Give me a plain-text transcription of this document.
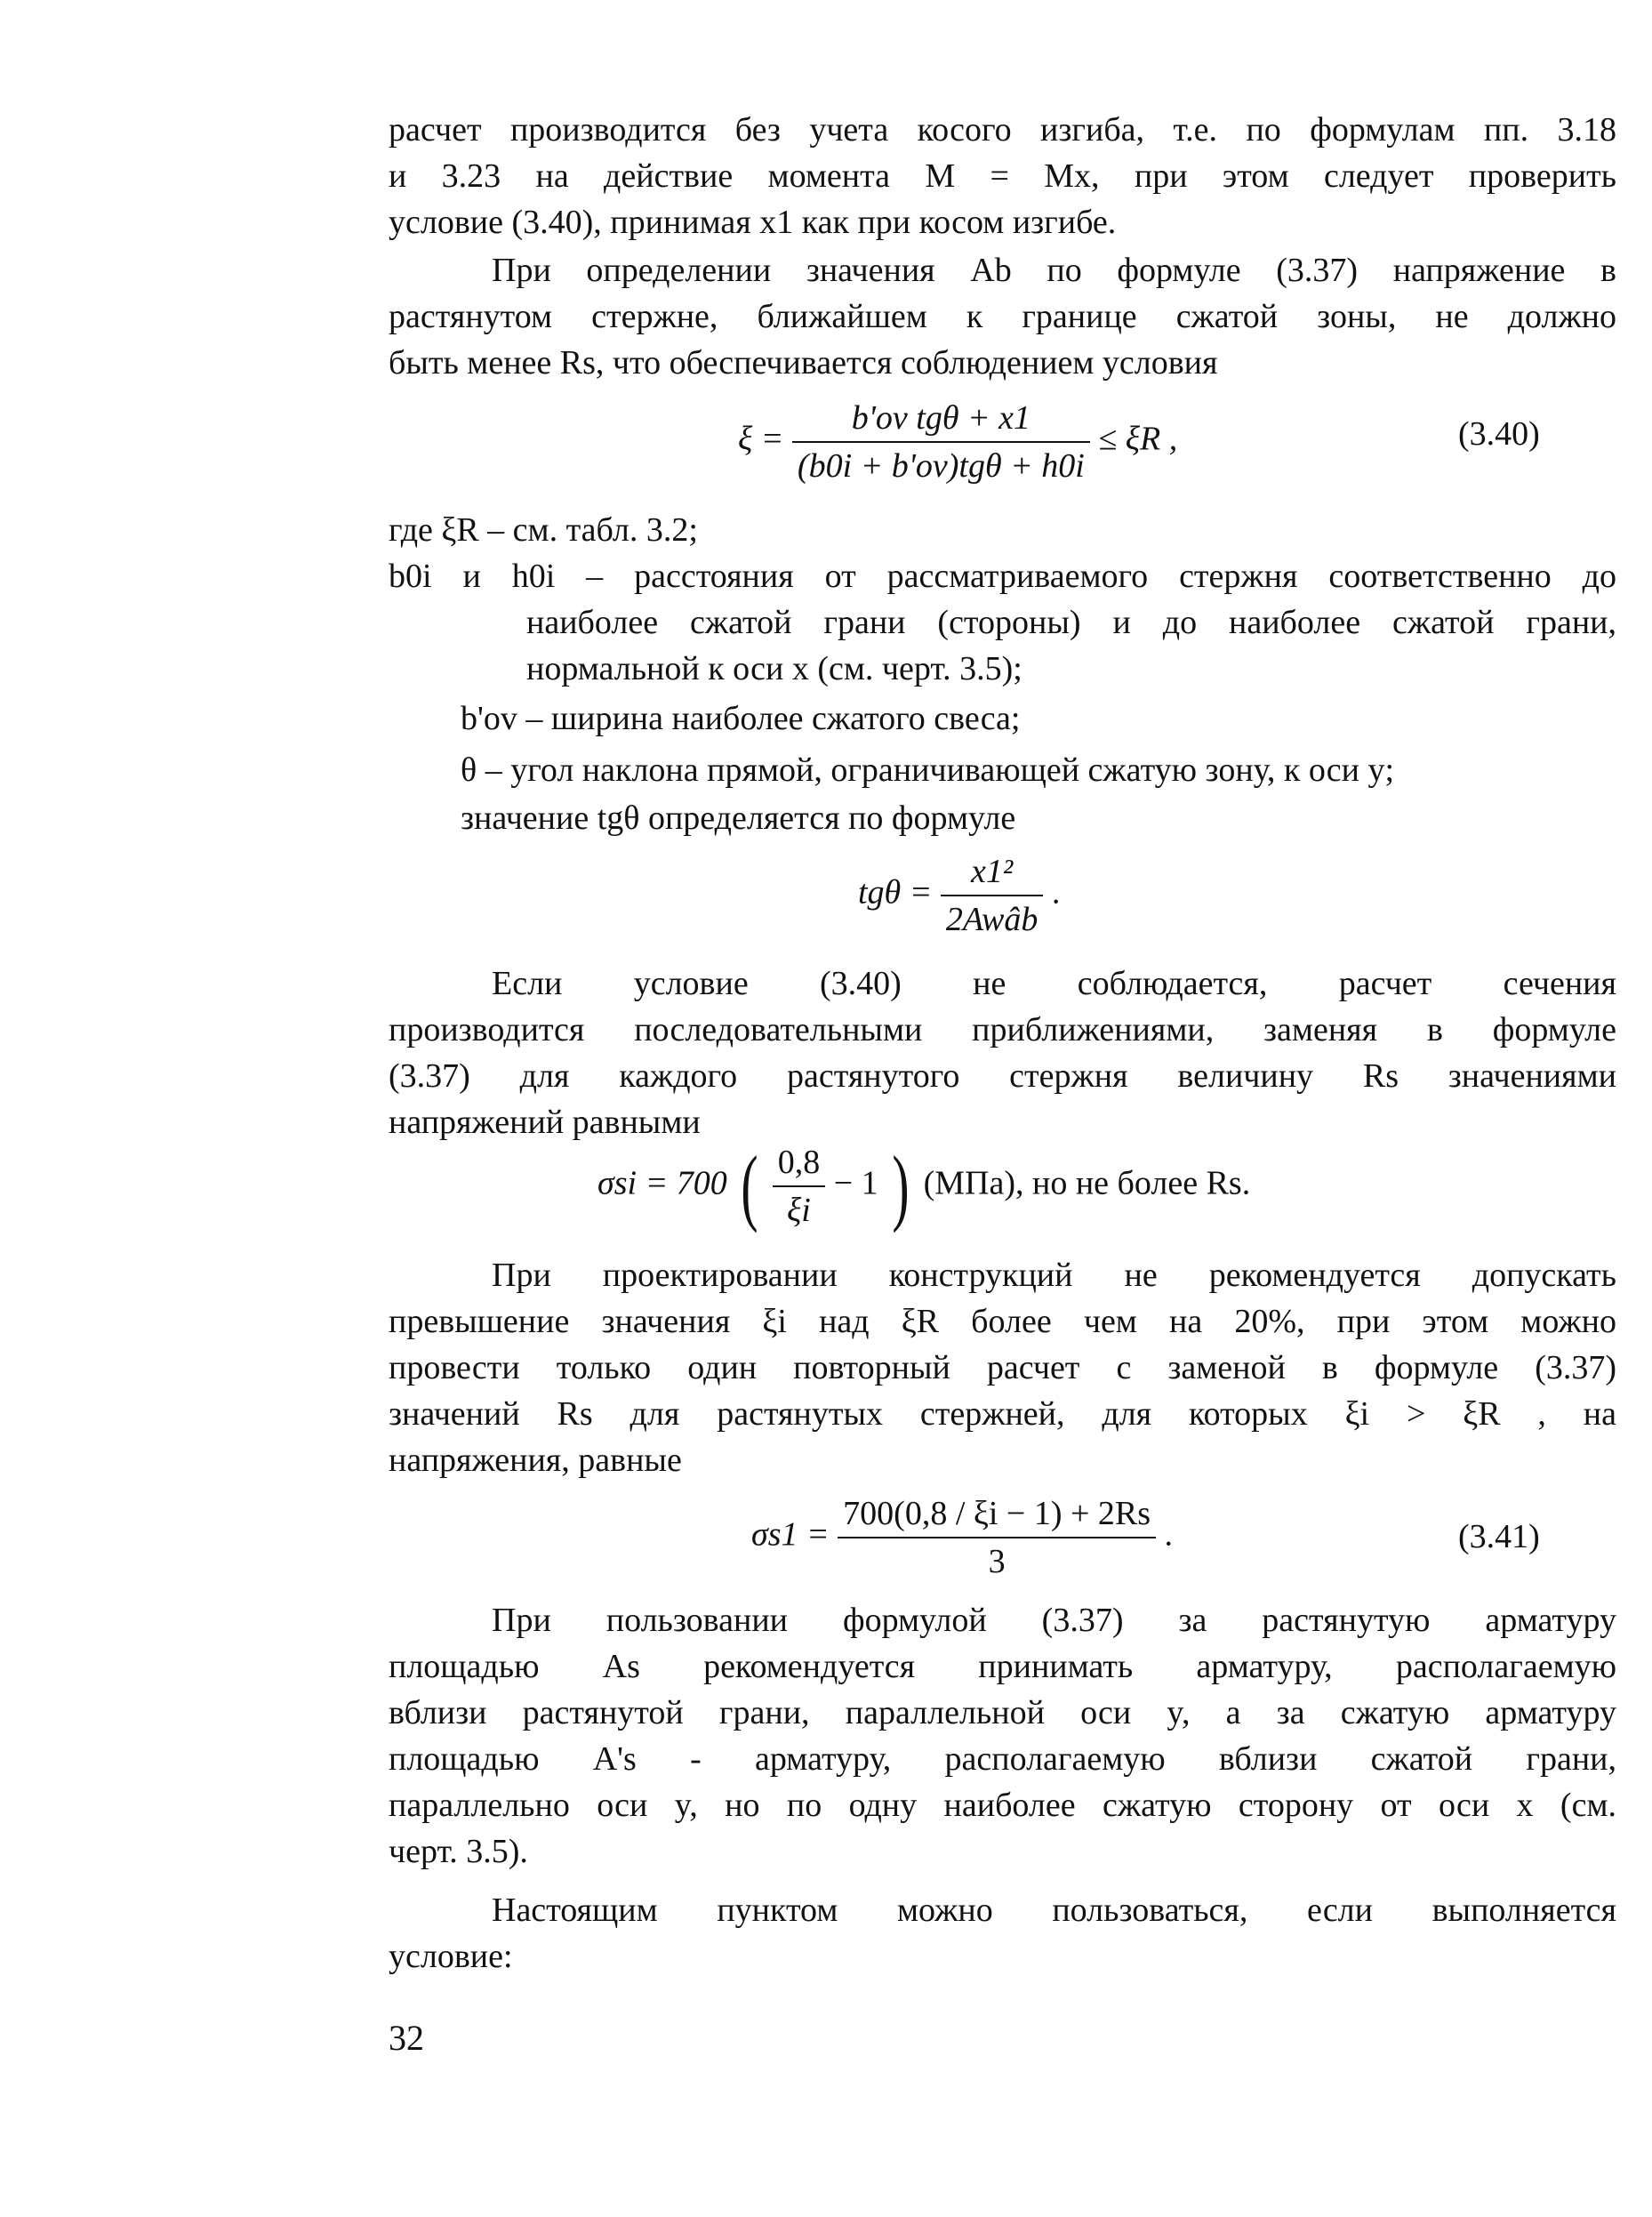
расчет производится без учета косого изгиба, т.е. по формулам пп. 3.18
и 3.23 на действие момента M = Mx, при этом следует проверить
условие (3.40), принимая x1 как при косом изгибе.
При определении значения Ab по формуле (3.37) напряжение в
растянутом стержне, ближайшем к границе сжатой зоны, не должно
быть менее Rs, что обеспечивается соблюдением условия
$\xi = \frac{\text{b'ov tgθ + x1}}{\text{(b0i + b'ov)tgθ + h0i}} \le \xi R$ ,	(3.40)
где ξR – см. табл. 3.2;
b0i и h0i – расстояния от рассматриваемого стержня соответственно до
наиболее сжатой грани (стороны) и до наиболее сжатой грани,
нормальной к оси x (см. черт. 3.5);
b'ov – ширина наиболее сжатого свеса;
θ – угол наклона прямой, ограничивающей сжатую зону, к оси y;
значение tgθ определяется по формуле
$tg\theta = \frac{\text{x1²}}{\text{2Awâb}}$ .
Если условие (3.40) не соблюдается, расчет сечения
производится последовательными приближениями, заменяя в формуле
(3.37) для каждого растянутого стержня величину Rs значениями
напряжений равными
σsi = 700 ( $\frac{0,8}{\xi i} - 1$ ) (МПа), но не более Rs.
При проектировании конструкций не рекомендуется допускать
превышение значения ξi над ξR более чем на 20%, при этом можно
провести только один повторный расчет с заменой в формуле (3.37)
значений Rs для растянутых стержней, для которых ξi > ξR , на
напряжения, равные
$\sigma s1 = \frac{700(0,8 / \xi i - 1) + 2Rs}{3}$ .	(3.41)
При пользовании формулой (3.37) за растянутую арматуру
площадью As рекомендуется принимать арматуру, располагаемую
вблизи растянутой грани, параллельной оси y, а за сжатую арматуру
площадью A's - арматуру, располагаемую вблизи сжатой грани,
параллельно оси y, но по одну наиболее сжатую сторону от оси x (см.
черт. 3.5).
Настоящим пунктом можно пользоваться, если выполняется
условие:
32
